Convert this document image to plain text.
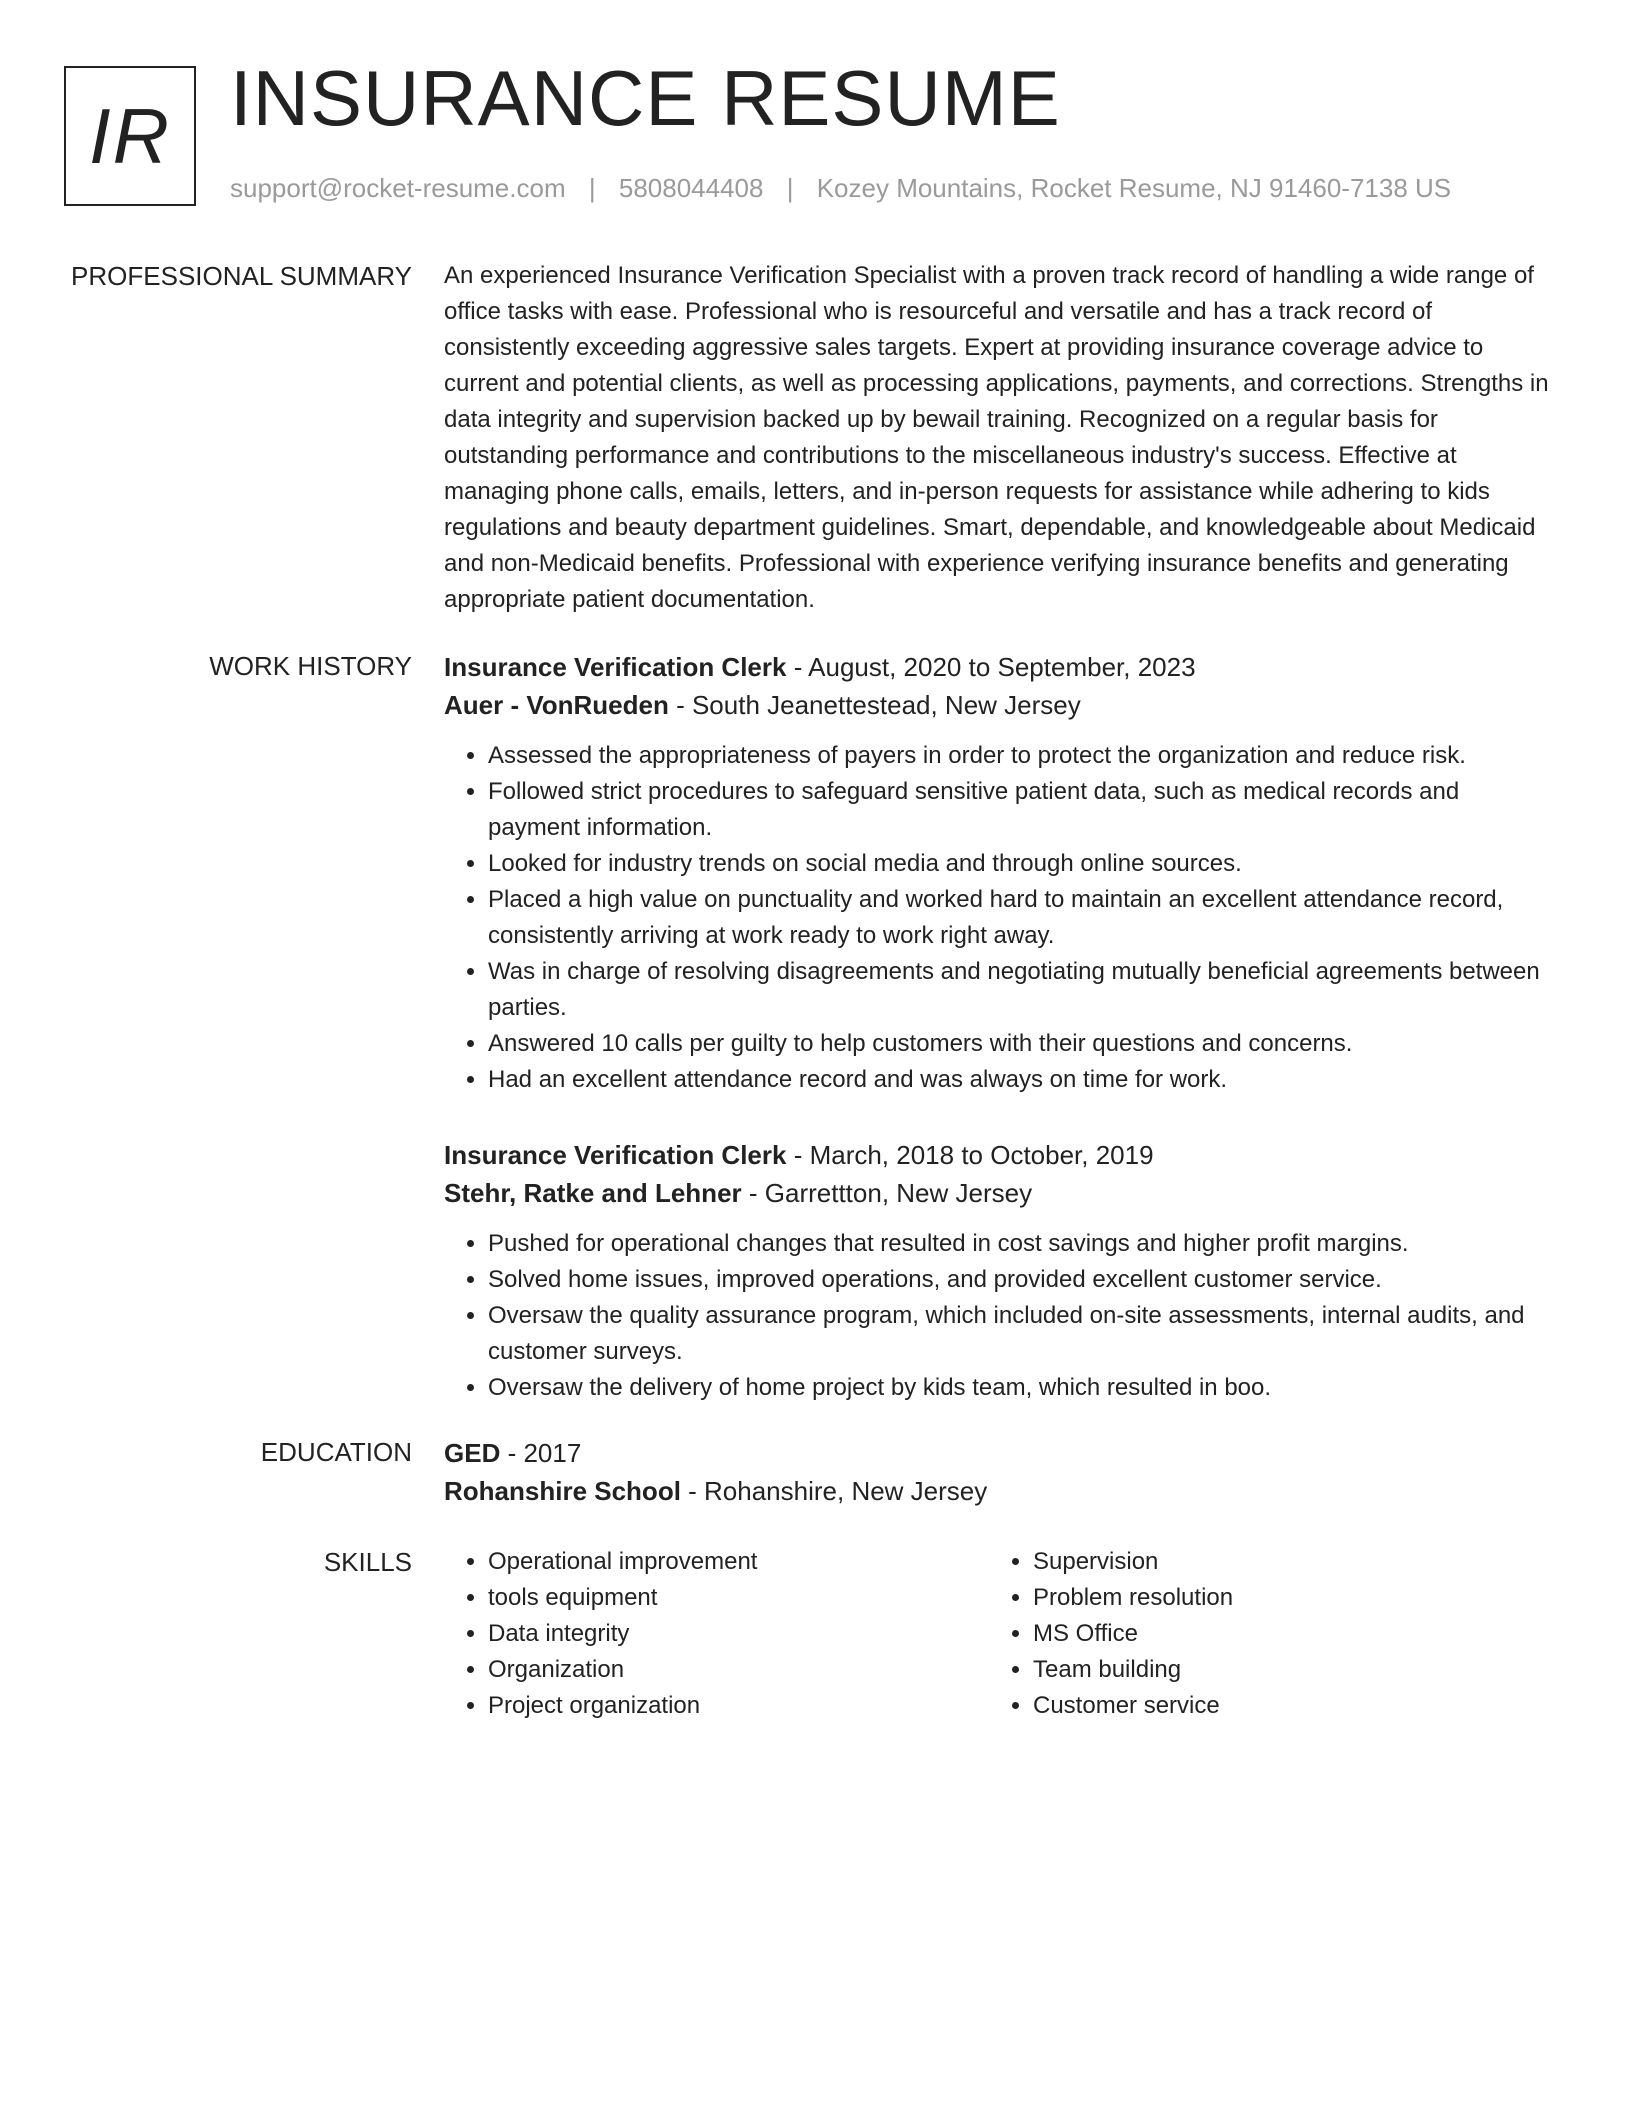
IR INSURANCE RESUME
support@rocket-resume.com | 5808044408 | Kozey Mountains, Rocket Resume, NJ 91460-7138 US
PROFESSIONAL SUMMARY An experienced Insurance Verification Specialist with a proven track record of handling a wide range of office tasks with ease. Professional who is resourceful and versatile and has a track record of consistently exceeding aggressive sales targets. Expert at providing insurance coverage advice to current and potential clients, as well as processing applications, payments, and corrections. Strengths in data integrity and supervision backed up by bewail training. Recognized on a regular basis for outstanding performance and contributions to the miscellaneous industry's success. Effective at managing phone calls, emails, letters, and in-person requests for assistance while adhering to kids regulations and beauty department guidelines. Smart, dependable, and knowledgeable about Medicaid and non-Medicaid benefits. Professional with experience verifying insurance benefits and generating appropriate patient documentation.

WORK HISTORY Insurance Verification Clerk - August, 2020 to September, 2023
Auer - VonRueden - South Jeanettestead, New Jersey
• Assessed the appropriateness of payers in order to protect the organization and reduce risk.
• Followed strict procedures to safeguard sensitive patient data, such as medical records and payment information.
• Looked for industry trends on social media and through online sources.
• Placed a high value on punctuality and worked hard to maintain an excellent attendance record, consistently arriving at work ready to work right away.
• Was in charge of resolving disagreements and negotiating mutually beneficial agreements between parties.
• Answered 10 calls per guilty to help customers with their questions and concerns.
• Had an excellent attendance record and was always on time for work.
Insurance Verification Clerk - March, 2018 to October, 2019
Stehr, Ratke and Lehner - Garrettton, New Jersey
• Pushed for operational changes that resulted in cost savings and higher profit margins.
• Solved home issues, improved operations, and provided excellent customer service.
• Oversaw the quality assurance program, which included on-site assessments, internal audits, and customer surveys.
• Oversaw the delivery of home project by kids team, which resulted in boo.
EDUCATION GED - 2017
Rohanshire School - Rohanshire, New Jersey
SKILLS
•	Operational improvement
• tools equipment
• Data integrity
• Organization
• Project organization
• Supervision
• Problem resolution
• MS Office
• Team building
• Customer service
